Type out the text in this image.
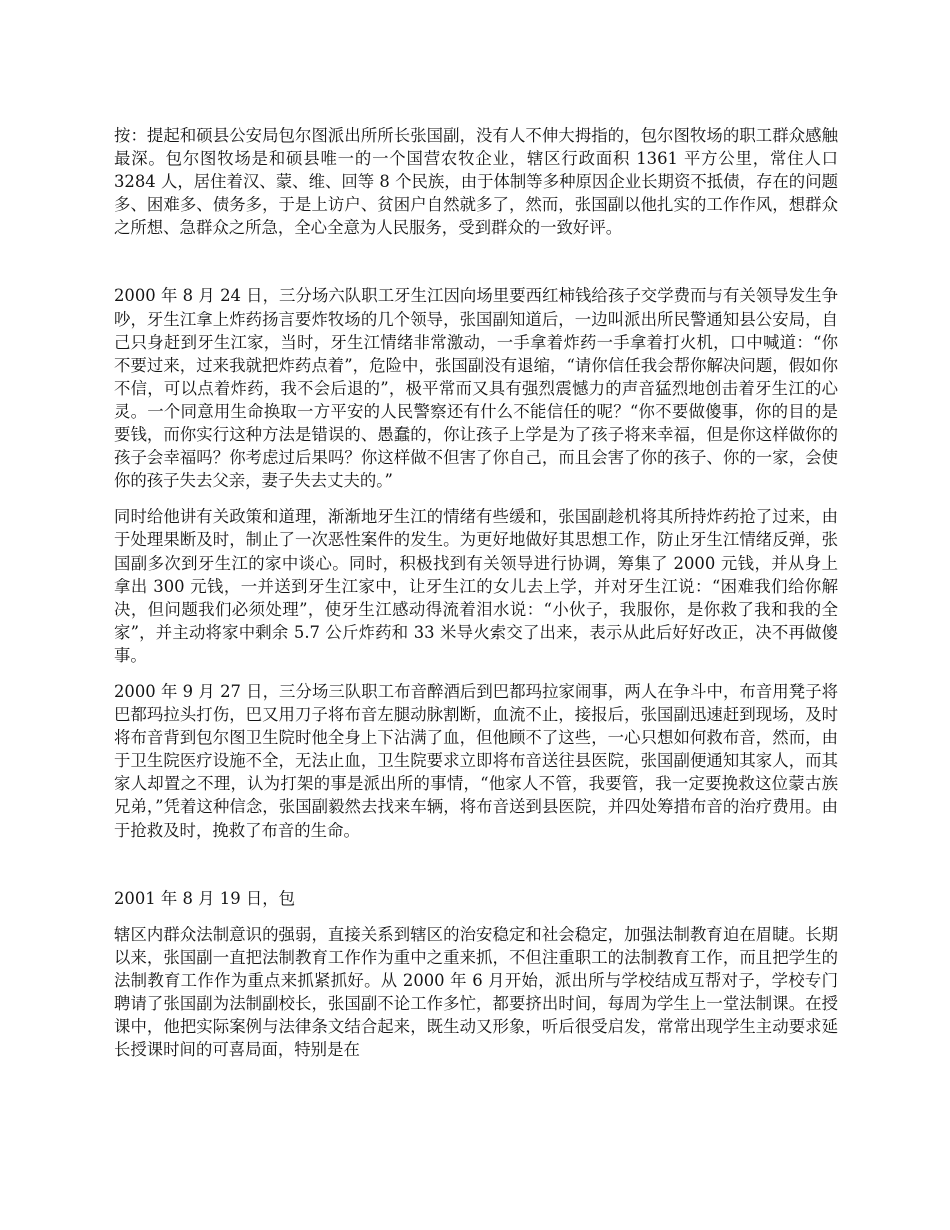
按：提起和硕县公安局包尔图派出所所长张国副，没有人不伸大拇指的，包尔图牧场的职工群众感触最深。包尔图牧场是和硕县唯一的一个国营农牧企业，辖区行政面积 1361 平方公里，常住人口 3284 人，居住着汉、蒙、维、回等 8 个民族，由于体制等多种原因企业长期资不抵债，存在的问题多、困难多、债务多，于是上访户、贫困户自然就多了，然而，张国副以他扎实的工作作风，想群众之所想、急群众之所急，全心全意为人民服务，受到群众的一致好评。

2000 年 8 月 24 日，三分场六队职工牙生江因向场里要西红柿钱给孩子交学费而与有关领导发生争吵，牙生江拿上炸药扬言要炸牧场的几个领导，张国副知道后，一边叫派出所民警通知县公安局，自己只身赶到牙生江家，当时，牙生江情绪非常激动，一手拿着炸药一手拿着打火机，口中喊道：“你不要过来，过来我就把炸药点着”，危险中，张国副没有退缩，“请你信任我会帮你解决问题，假如你不信，可以点着炸药，我不会后退的”，极平常而又具有强烈震憾力的声音猛烈地创击着牙生江的心灵。一个同意用生命换取一方平安的人民警察还有什么不能信任的呢？“你不要做傻事，你的目的是要钱，而你实行这种方法是错误的、愚蠢的，你让孩子上学是为了孩子将来幸福，但是你这样做你的孩子会幸福吗？你考虑过后果吗？你这样做不但害了你自己，而且会害了你的孩子、你的一家，会使你的孩子失去父亲，妻子失去丈夫的。”

同时给他讲有关政策和道理，渐渐地牙生江的情绪有些缓和，张国副趁机将其所持炸药抢了过来，由于处理果断及时，制止了一次恶性案件的发生。为更好地做好其思想工作，防止牙生江情绪反弹，张国副多次到牙生江的家中谈心。同时，积极找到有关领导进行协调，筹集了 2000 元钱，并从身上拿出 300 元钱，一并送到牙生江家中，让牙生江的女儿去上学，并对牙生江说：“困难我们给你解决，但问题我们必须处理”，使牙生江感动得流着泪水说：“小伙子，我服你，是你救了我和我的全家”，并主动将家中剩余 5.7 公斤炸药和 33 米导火索交了出来，表示从此后好好改正，决不再做傻事。

2000 年 9 月 27 日，三分场三队职工布音醉酒后到巴都玛拉家闹事，两人在争斗中，布音用凳子将巴都玛拉头打伤，巴又用刀子将布音左腿动脉割断，血流不止，接报后，张国副迅速赶到现场，及时将布音背到包尔图卫生院时他全身上下沾满了血，但他顾不了这些，一心只想如何救布音，然而，由于卫生院医疗设施不全，无法止血，卫生院要求立即将布音送往县医院，张国副便通知其家人，而其家人却置之不理，认为打架的事是派出所的事情，“他家人不管，我要管，我一定要挽救这位蒙古族兄弟，”凭着这种信念，张国副毅然去找来车辆，将布音送到县医院，并四处筹措布音的治疗费用。由于抢救及时，挽救了布音的生命。

2001 年 8 月 19 日，包

辖区内群众法制意识的强弱，直接关系到辖区的治安稳定和社会稳定，加强法制教育迫在眉睫。长期以来，张国副一直把法制教育工作作为重中之重来抓，不但注重职工的法制教育工作，而且把学生的法制教育工作作为重点来抓紧抓好。从 2000 年 6 月开始，派出所与学校结成互帮对子，学校专门聘请了张国副为法制副校长，张国副不论工作多忙，都要挤出时间，每周为学生上一堂法制课。在授课中，他把实际案例与法律条文结合起来，既生动又形象，听后很受启发，常常出现学生主动要求延长授课时间的可喜局面，特别是在
